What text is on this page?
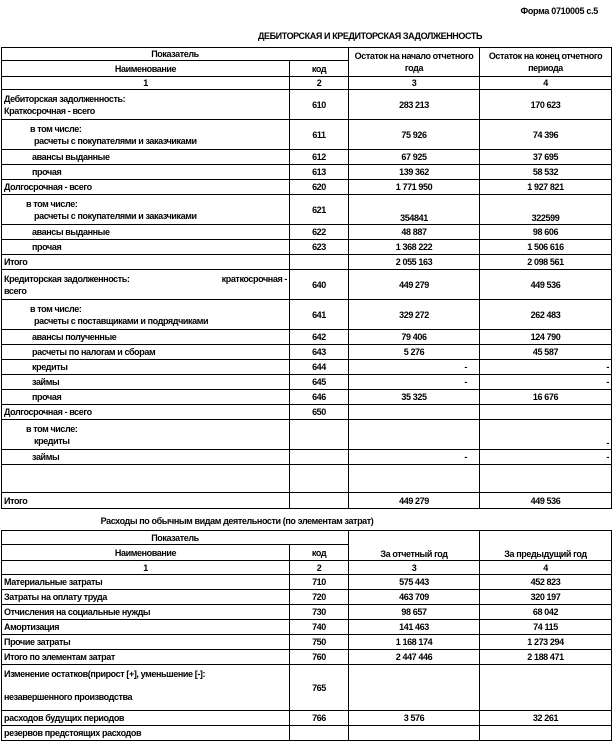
Форма 0710005 с.5
ДЕБИТОРСКАЯ И КРЕДИТОРСКАЯ ЗАДОЛЖЕННОСТЬ
Показатель		Остаток на начало отчетного года	Остаток на конец отчетного периода
Наименование	код		
1	2	3	4

Дебиторская задолженность:
Краткосрочная - всего	610	283 213	170 623

в том числе:
расчеты с покупателями и заказчиками	611	75 926	74 396
авансы выданные	612	67 925	37 695
прочая	613	139 362	58 532
Долгосрочная - всего	620	1 771 950	1 927 821

в том числе:
расчеты с покупателями и заказчиками	621	354841	322599
авансы выданные	622	48 887	98 606
прочая	623	1 368 222	1 506 616
Итого		2 055 163	2 098 561

Кредиторская задолженность: краткосрочная -
всего	640	449 279	449 536

в том числе:
расчеты с поставщиками и подрядчиками	641	329 272	262 483
авансы полученные	642	79 406	124 790
расчеты по налогам и сборам	643	5 276	45 587
кредиты	644	-	-
займы	645	-	-
прочая	646	35 325	16 676
Долгосрочная - всего	650		

в том числе:
кредиты			-
займы		-	-

Итого		449 279	449 536
Расходы по обычным видам деятельности (по элементам затрат)
Показатель		За отчетный год	За предыдущий год
Наименование	код		
1	2	3	4
Материальные затраты	710	575 443	452 823
Затраты на оплату труда	720	463 709	320 197
Отчисления на социальные нужды	730	98 657	68 042
Амортизация	740	141 463	74 115
Прочие затраты	750	1 168 174	1 273 294
Итого по элементам затрат	760	2 447 446	2 188 471

Изменение остатков(прирост [+], уменьшение [-]:
незавершенного производства	765		
расходов будущих периодов	766	3 576	32 261
резервов предстоящих расходов			
